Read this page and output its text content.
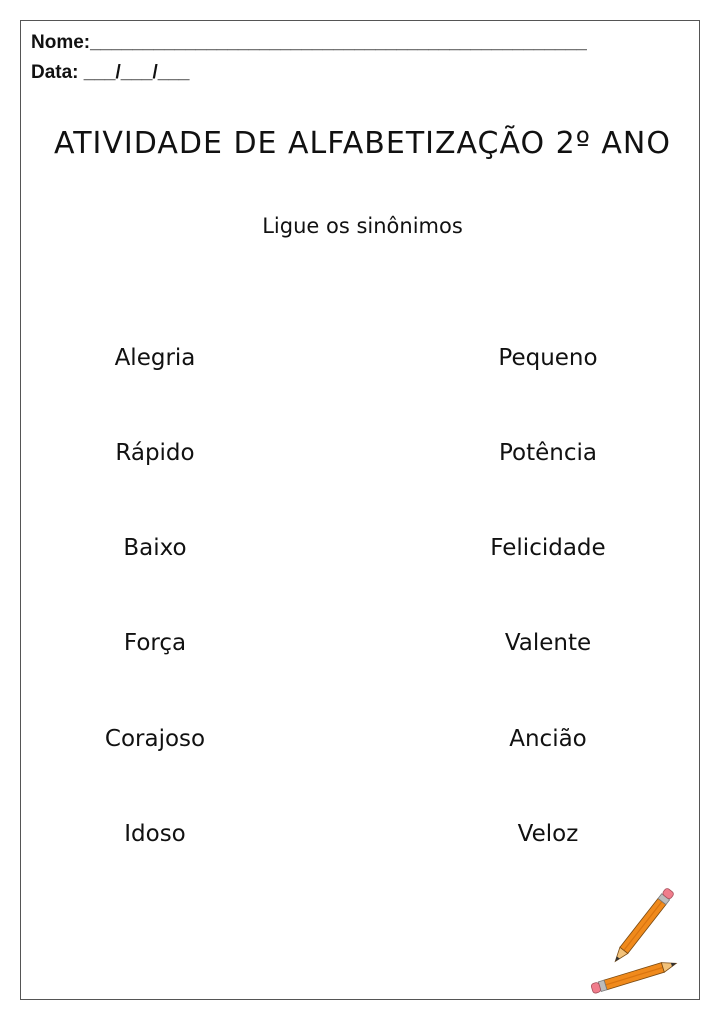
Nome:_______________________________________________
Data: ___/___/___
ATIVIDADE DE ALFABETIZAÇÃO 2º ANO
Ligue os sinônimos
Alegria
Rápido
Baixo
Força
Corajoso
Idoso
Pequeno
Potência
Felicidade
Valente
Ancião
Veloz
